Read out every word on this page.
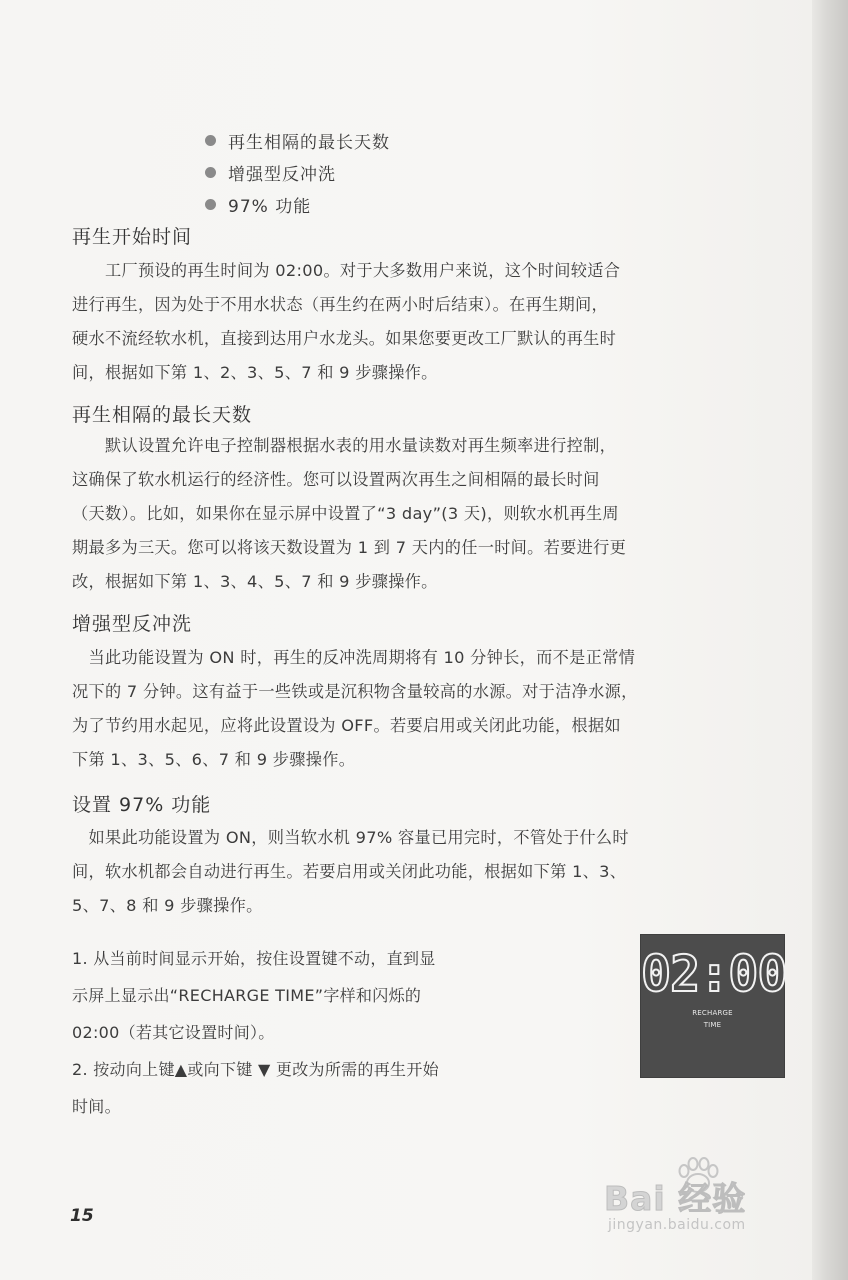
再生相隔的最长天数
增强型反冲洗
97% 功能
再生开始时间
　　工厂预设的再生时间为 02:00。对于大多数用户来说，这个时间较适合
进行再生，因为处于不用水状态（再生约在两小时后结束）。在再生期间，
硬水不流经软水机，直接到达用户水龙头。如果您要更改工厂默认的再生时
间，根据如下第 1、2、3、5、7 和 9 步骤操作。
再生相隔的最长天数
　　默认设置允许电子控制器根据水表的用水量读数对再生频率进行控制，
这确保了软水机运行的经济性。您可以设置两次再生之间相隔的最长时间
（天数）。比如，如果你在显示屏中设置了“3 day”(3 天)，则软水机再生周
期最多为三天。您可以将该天数设置为 1 到 7 天内的任一时间。若要进行更
改，根据如下第 1、3、4、5、7 和 9 步骤操作。
增强型反冲洗
　当此功能设置为 ON 时，再生的反冲洗周期将有 10 分钟长，而不是正常情
况下的 7 分钟。这有益于一些铁或是沉积物含量较高的水源。对于洁净水源，
为了节约用水起见，应将此设置设为 OFF。若要启用或关闭此功能，根据如
下第 1、3、5、6、7 和 9 步骤操作。
设置 97% 功能
　如果此功能设置为 ON，则当软水机 97% 容量已用完时，不管处于什么时
间，软水机都会自动进行再生。若要启用或关闭此功能，根据如下第 1、3、
5、7、8 和 9 步骤操作。
1. 从当前时间显示开始，按住设置键不动，直到显
示屏上显示出“RECHARGE TIME”字样和闪烁的
02:00（若其它设置时间）。
2. 按动向上键▲或向下键 ▼ 更改为所需的再生开始
时间。
02:00
RECHARGE
TIME
15	Bai 经验
jingyan.baidu.com
